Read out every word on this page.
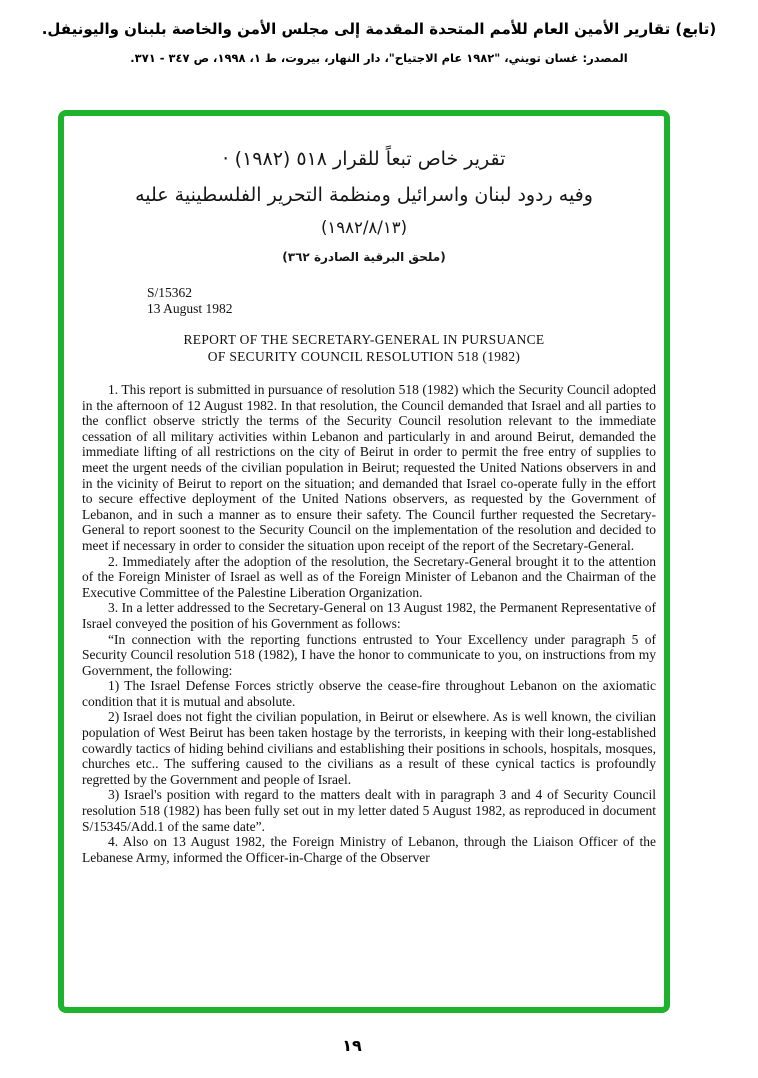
(تابع) تقارير الأمين العام للأمم المتحدة المقدمة إلى مجلس الأمن والخاصة بلبنان واليونيفل.
المصدر: غسان تويني، "١٩٨٢ عام الاجتياح"، دار النهار، بيروت، ط ١، ١٩٩٨، ص ٣٤٧ - ٣٧١.
تقرير خاص تبعاً للقرار ٥١٨ (١٩٨٢) ·
وفيه ردود لبنان واسرائيل ومنظمة التحرير الفلسطينية عليه
(١٩٨٢/٨/١٣)
(ملحق البرقية الصادرة ٣٦٢)
S/15362
13 August 1982
REPORT OF THE SECRETARY-GENERAL IN PURSUANCE
OF SECURITY COUNCIL RESOLUTION 518 (1982)

1. This report is submitted in pursuance of resolution 518 (1982) which the Security Council adopted in the afternoon of 12 August 1982. In that resolution, the Council demanded that Israel and all parties to the conflict observe strictly the terms of the Security Council resolution relevant to the immediate cessation of all military activities within Lebanon and particularly in and around Beirut, demanded the immediate lifting of all restrictions on the city of Beirut in order to permit the free entry of supplies to meet the urgent needs of the civilian population in Beirut; requested the United Nations observers in and in the vicinity of Beirut to report on the situation; and demanded that Israel co-operate fully in the effort to secure effective deployment of the United Nations observers, as requested by the Government of Lebanon, and in such a manner as to ensure their safety. The Council further requested the Secretary-General to report soonest to the Security Council on the implementation of the resolution and decided to meet if necessary in order to consider the situation upon receipt of the report of the Secretary-General.

2. Immediately after the adoption of the resolution, the Secretary-General brought it to the attention of the Foreign Minister of Israel as well as of the Foreign Minister of Lebanon and the Chairman of the Executive Committee of the Palestine Liberation Organization.

3. In a letter addressed to the Secretary-General on 13 August 1982, the Permanent Representative of Israel conveyed the position of his Government as follows:

“In connection with the reporting functions entrusted to Your Excellency under paragraph 5 of Security Council resolution 518 (1982), I have the honor to communicate to you, on instructions from my Government, the following:

1) The Israel Defense Forces strictly observe the cease-fire throughout Lebanon on the axiomatic condition that it is mutual and absolute.

2) Israel does not fight the civilian population, in Beirut or elsewhere. As is well known, the civilian population of West Beirut has been taken hostage by the terrorists, in keeping with their long-established cowardly tactics of hiding behind civilians and establishing their positions in schools, hospitals, mosques, churches etc.. The suffering caused to the civilians as a result of these cynical tactics is profoundly regretted by the Government and people of Israel.

3) Israel's position with regard to the matters dealt with in paragraph 3 and 4 of Security Council resolution 518 (1982) has been fully set out in my letter dated 5 August 1982, as reproduced in document S/15345/Add.1 of the same date”.

4. Also on 13 August 1982, the Foreign Ministry of Lebanon, through the Liaison Officer of the Lebanese Army, informed the Officer-in-Charge of the Observer

١٩
